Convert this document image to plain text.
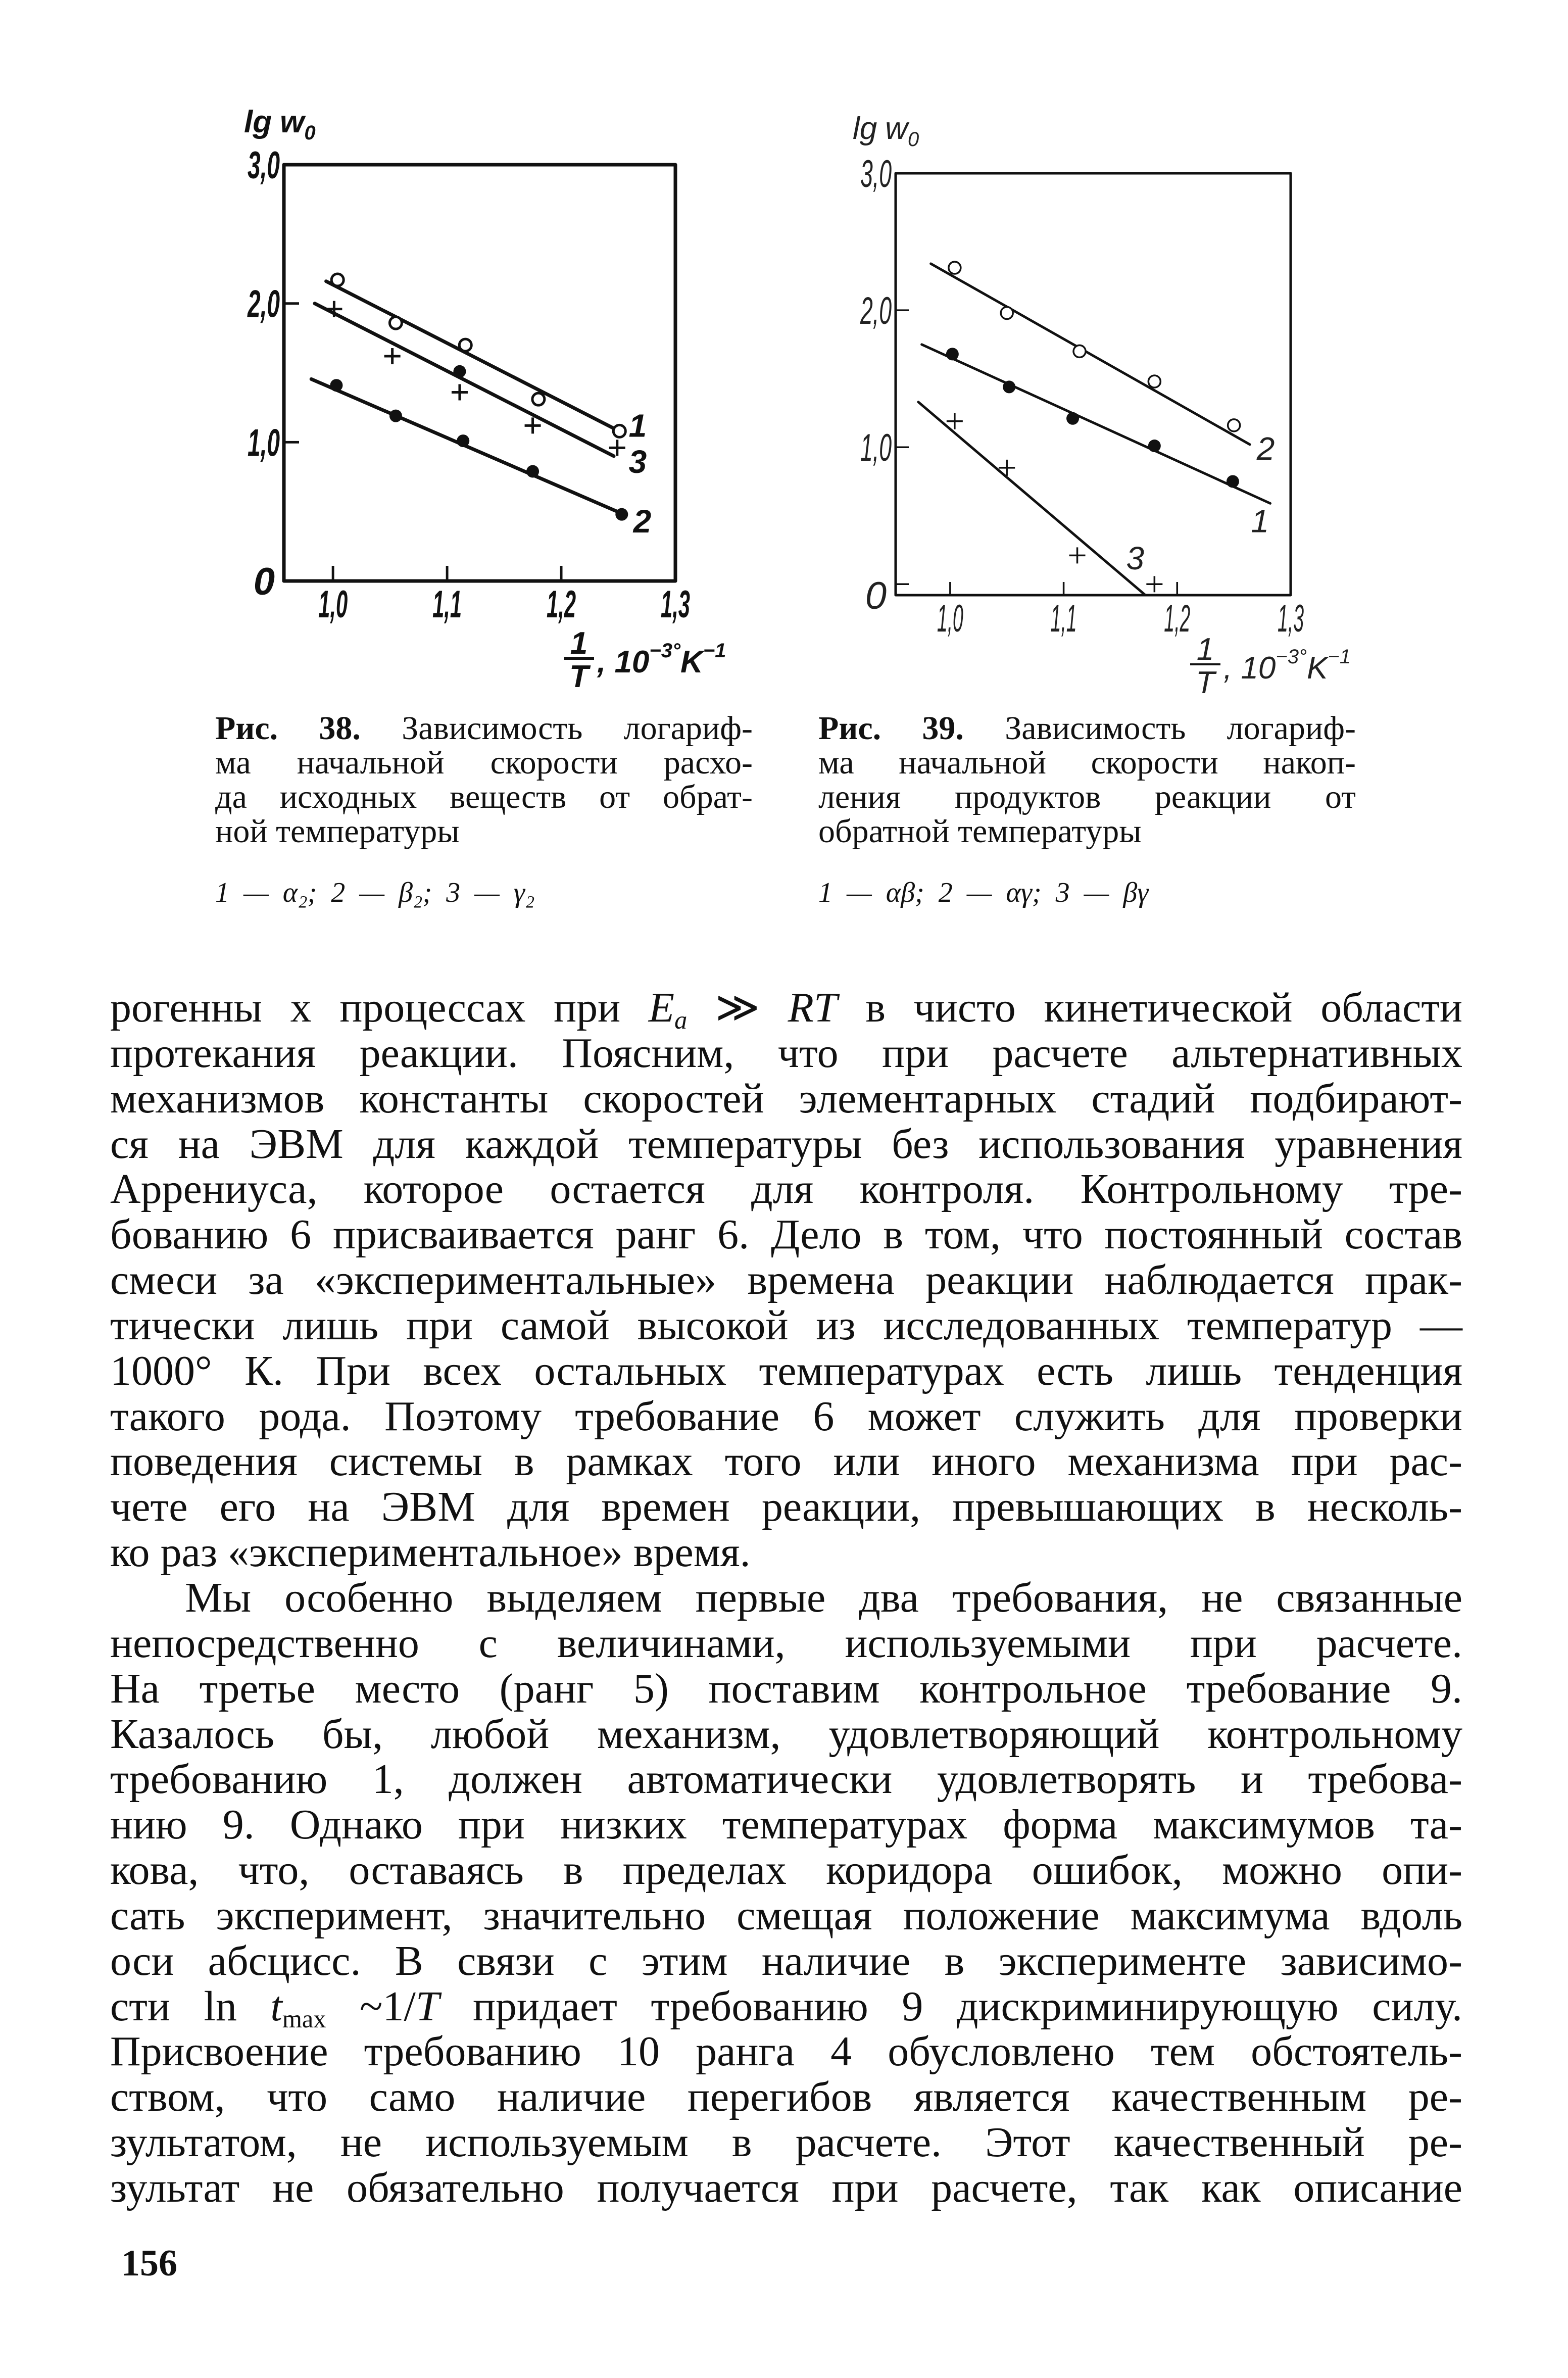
0
1,0
2,0
3,0
1,0 1,1 1,2 1,3
1
2
3
$\lg w_0$
1
T , $10^{-3^\circ}K^{-1}$
0
1,0
2,0
3,0
1,0 1,1 1,2 1,3
1
2
3
$\lg w_0$
1
T , $10^{-3^\circ}K^{-1}$
Рис. 38. Зависимость логариф-
ма начальной скорости расхо-
да исходных веществ от обрат-
ной температуры
1 — α₂; 2 — β₂; 3 — γ₂
Рис. 39. Зависимость логариф-
ма начальной скорости накоп-
ления продуктов реакции от
обратной температуры
1 — αβ; 2 — αγ; 3 — βγ
рогенны х процессах при $E_a$ ≫ RT в чисто кинетической области
протекания реакции. Поясним, что при расчете альтернативных
механизмов константы скоростей элементарных стадий подбирают-
ся на ЭВМ для каждой температуры без использования уравнения
Аррениуса, которое остается для контроля. Контрольному тре-
бованию 6 присваивается ранг 6. Дело в том, что постоянный состав
смеси за «экспериментальные» времена реакции наблюдается прак-
тически лишь при самой высокой из исследованных температур —
1000° К. При всех остальных температурах есть лишь тенденция
такого рода. Поэтому требование 6 может служить для проверки
поведения системы в рамках того или иного механизма при рас-
чете его на ЭВМ для времен реакции, превышающих в несколь-
ко раз «экспериментальное» время.
Мы особенно выделяем первые два требования, не связанные
непосредственно с величинами, используемыми при расчете.
На третье место (ранг 5) поставим контрольное требование 9.
Казалось бы, любой механизм, удовлетворяющий контрольному
требованию 1, должен автоматически удовлетворять и требова-
нию 9. Однако при низких температурах форма максимумов та-
кова, что, оставаясь в пределах коридора ошибок, можно опи-
сать эксперимент, значительно смещая положение максимума вдоль
оси абсцисс. В связи с этим наличие в эксперименте зависимо-
сти $\ln t_{max}$ ~1/T придает требованию 9 дискриминирующую силу.
Присвоение требованию 10 ранга 4 обусловлено тем обстоятель-
ством, что само наличие перегибов является качественным ре-
зультатом, не используемым в расчете. Этот качественный ре-
зультат не обязательно получается при расчете, так как описание
156
